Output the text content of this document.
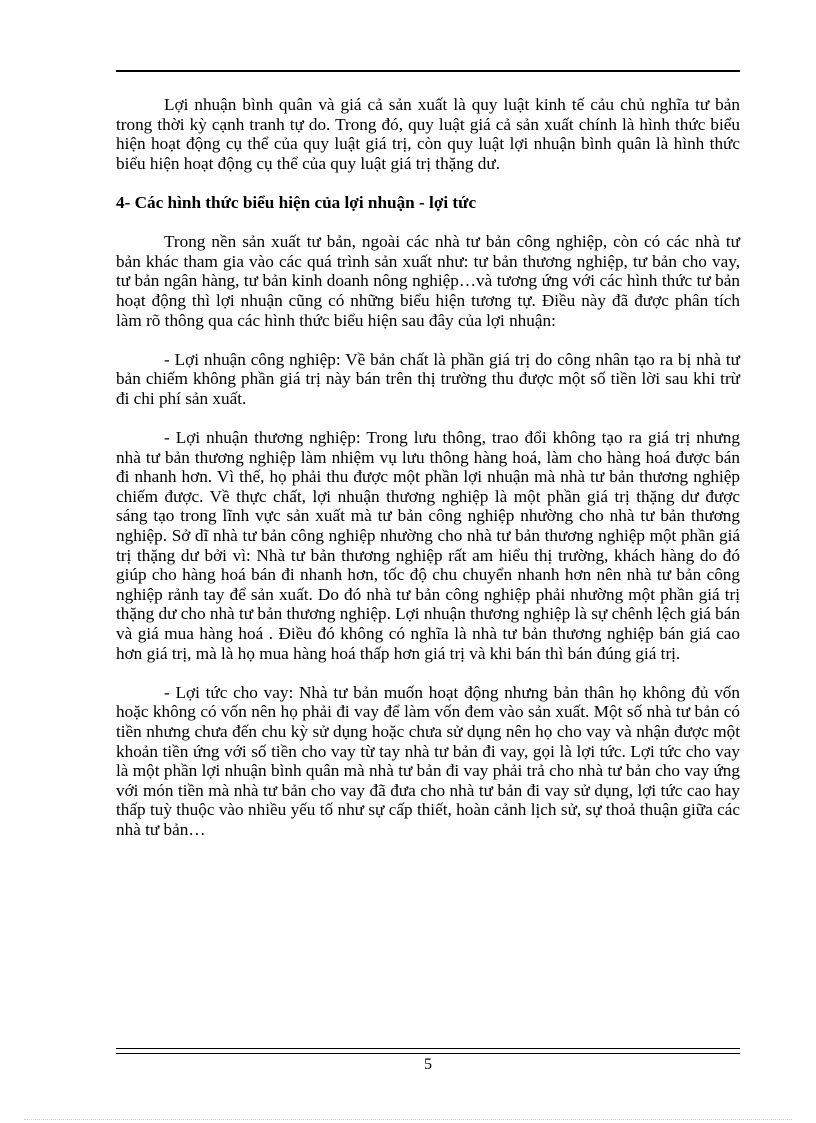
Lợi nhuận bình quân và giá cả sản xuất là quy luật kinh tế cảu chủ nghĩa tư bản trong thời kỳ cạnh tranh tự do. Trong đó, quy luật giá cả sản xuất chính là hình thức biểu hiện hoạt động cụ thể của quy luật giá trị, còn quy luật lợi nhuận bình quân là hình thức biểu hiện hoạt động cụ thể của quy luật giá trị thặng dư.

4- Các hình thức biểu hiện của lợi nhuận - lợi tức

Trong nền sản xuất tư bản, ngoài các nhà tư bản công nghiệp, còn có các nhà tư bản khác tham gia vào các quá trình sản xuất như: tư bản thương nghiệp, tư bản cho vay, tư bản ngân hàng, tư bản kinh doanh nông nghiệp…và tương ứng với các hình thức tư bản hoạt động thì lợi nhuận cũng có những biểu hiện tương tự. Điều này đã được phân tích làm rõ thông qua các hình thức biểu hiện sau đây của lợi nhuận:

- Lợi nhuận công nghiệp: Về bản chất là phần giá trị do công nhân tạo ra bị nhà tư bản chiếm không phần giá trị này bán trên thị trường thu được một số tiền lời sau khi trừ đi chi phí sản xuất.

- Lợi nhuận thương nghiệp: Trong lưu thông, trao đổi không tạo ra giá trị nhưng nhà tư bản thương nghiệp làm nhiệm vụ lưu thông hàng hoá, làm cho hàng hoá được bán đi nhanh hơn. Vì thế, họ phải thu được một phần lợi nhuận mà nhà tư bản thương nghiệp chiếm được. Về thực chất, lợi nhuận thương nghiệp là một phần giá trị thặng dư được sáng tạo trong lĩnh vực sản xuất mà tư bản công nghiệp nhường cho nhà tư bản thương nghiệp. Sở dĩ nhà tư bản công nghiệp nhường cho nhà tư bản thương nghiệp một phần giá trị thặng dư bởi vì: Nhà tư bản thương nghiệp rất am hiểu thị trường, khách hàng do đó giúp cho hàng hoá bán đi nhanh hơn, tốc độ chu chuyển nhanh hơn nên nhà tư bản công nghiệp rảnh tay để sản xuất. Do đó nhà tư bản công nghiệp phải nhường một phần giá trị thặng dư cho nhà tư bản thương nghiệp. Lợi nhuận thương nghiệp là sự chênh lệch giá bán và giá mua hàng hoá . Điều đó không có nghĩa là nhà tư bản thương nghiệp bán giá cao hơn giá trị, mà là họ mua hàng hoá thấp hơn giá trị và khi bán thì bán đúng giá trị.

- Lợi tức cho vay: Nhà tư bản muốn hoạt động nhưng bản thân họ không đủ vốn hoặc không có vốn nên họ phải đi vay để làm vốn đem vào sản xuất. Một số nhà tư bản có tiền nhưng chưa đến chu kỳ sử dụng hoặc chưa sử dụng nên họ cho vay và nhận được một khoản tiền ứng với số tiền cho vay từ tay nhà tư bản đi vay, gọi là lợi tức. Lợi tức cho vay là một phần lợi nhuận bình quân mà nhà tư bản đi vay phải trả cho nhà tư bản cho vay ứng với món tiền mà nhà tư bản cho vay đã đưa cho nhà tư bản đi vay sử dụng, lợi tức cao hay thấp tuỳ thuộc vào nhiều yếu tố như sự cấp thiết, hoàn cảnh lịch sử, sự thoả thuận giữa các nhà tư bản…

5
